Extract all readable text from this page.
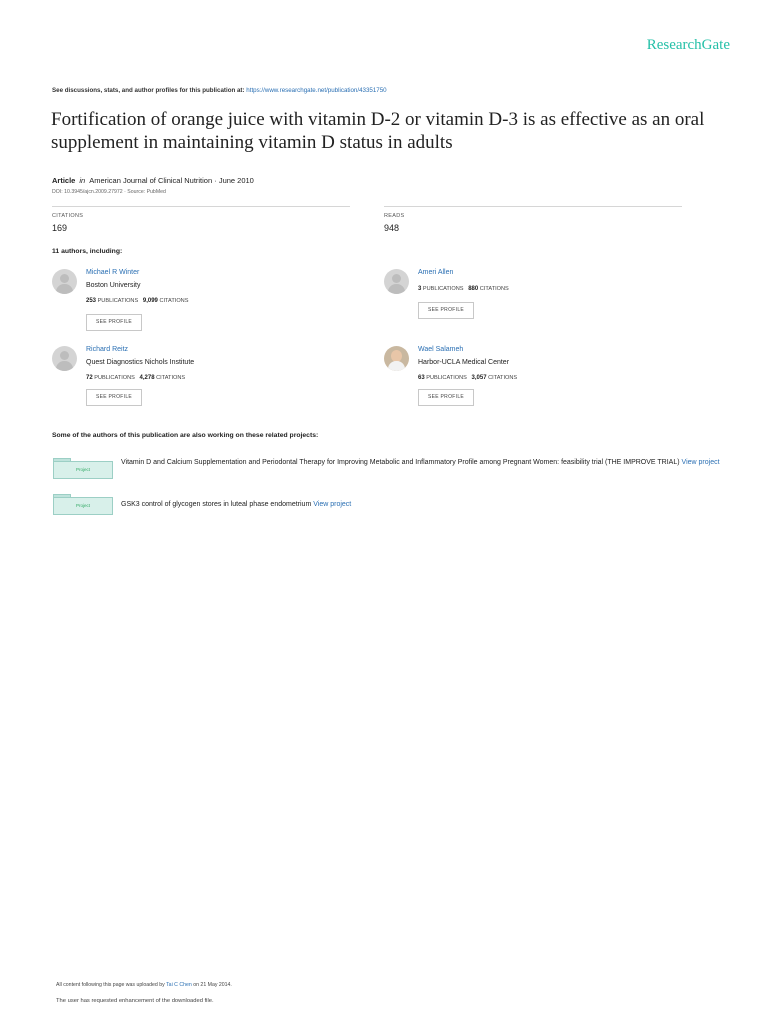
ResearchGate
See discussions, stats, and author profiles for this publication at: https://www.researchgate.net/publication/43351750
Fortification of orange juice with vitamin D-2 or vitamin D-3 is as effective as an oral supplement in maintaining vitamin D status in adults
Article in American Journal of Clinical Nutrition · June 2010
DOI: 10.3945/ajcn.2009.27972 · Source: PubMed
CITATIONS
169
READS
948
11 authors, including:
Michael R Winter
Boston University
253 PUBLICATIONS 9,099 CITATIONS
SEE PROFILE
Ameri Allen
3 PUBLICATIONS 880 CITATIONS
SEE PROFILE
Richard Reitz
Quest Diagnostics Nichols Institute
72 PUBLICATIONS 4,278 CITATIONS
SEE PROFILE
Wael Salameh
Harbor-UCLA Medical Center
63 PUBLICATIONS 3,057 CITATIONS
SEE PROFILE
Some of the authors of this publication are also working on these related projects:
Project
Vitamin D and Calcium Supplementation and Periodontal Therapy for Improving Metabolic and Inflammatory Profile among Pregnant Women: feasibility trial (THE IMPROVE TRIAL) View project
Project	GSK3 control of glycogen stores in luteal phase endometrium View project
All content following this page was uploaded by Tai C Chen on 21 May 2014.
The user has requested enhancement of the downloaded file.
